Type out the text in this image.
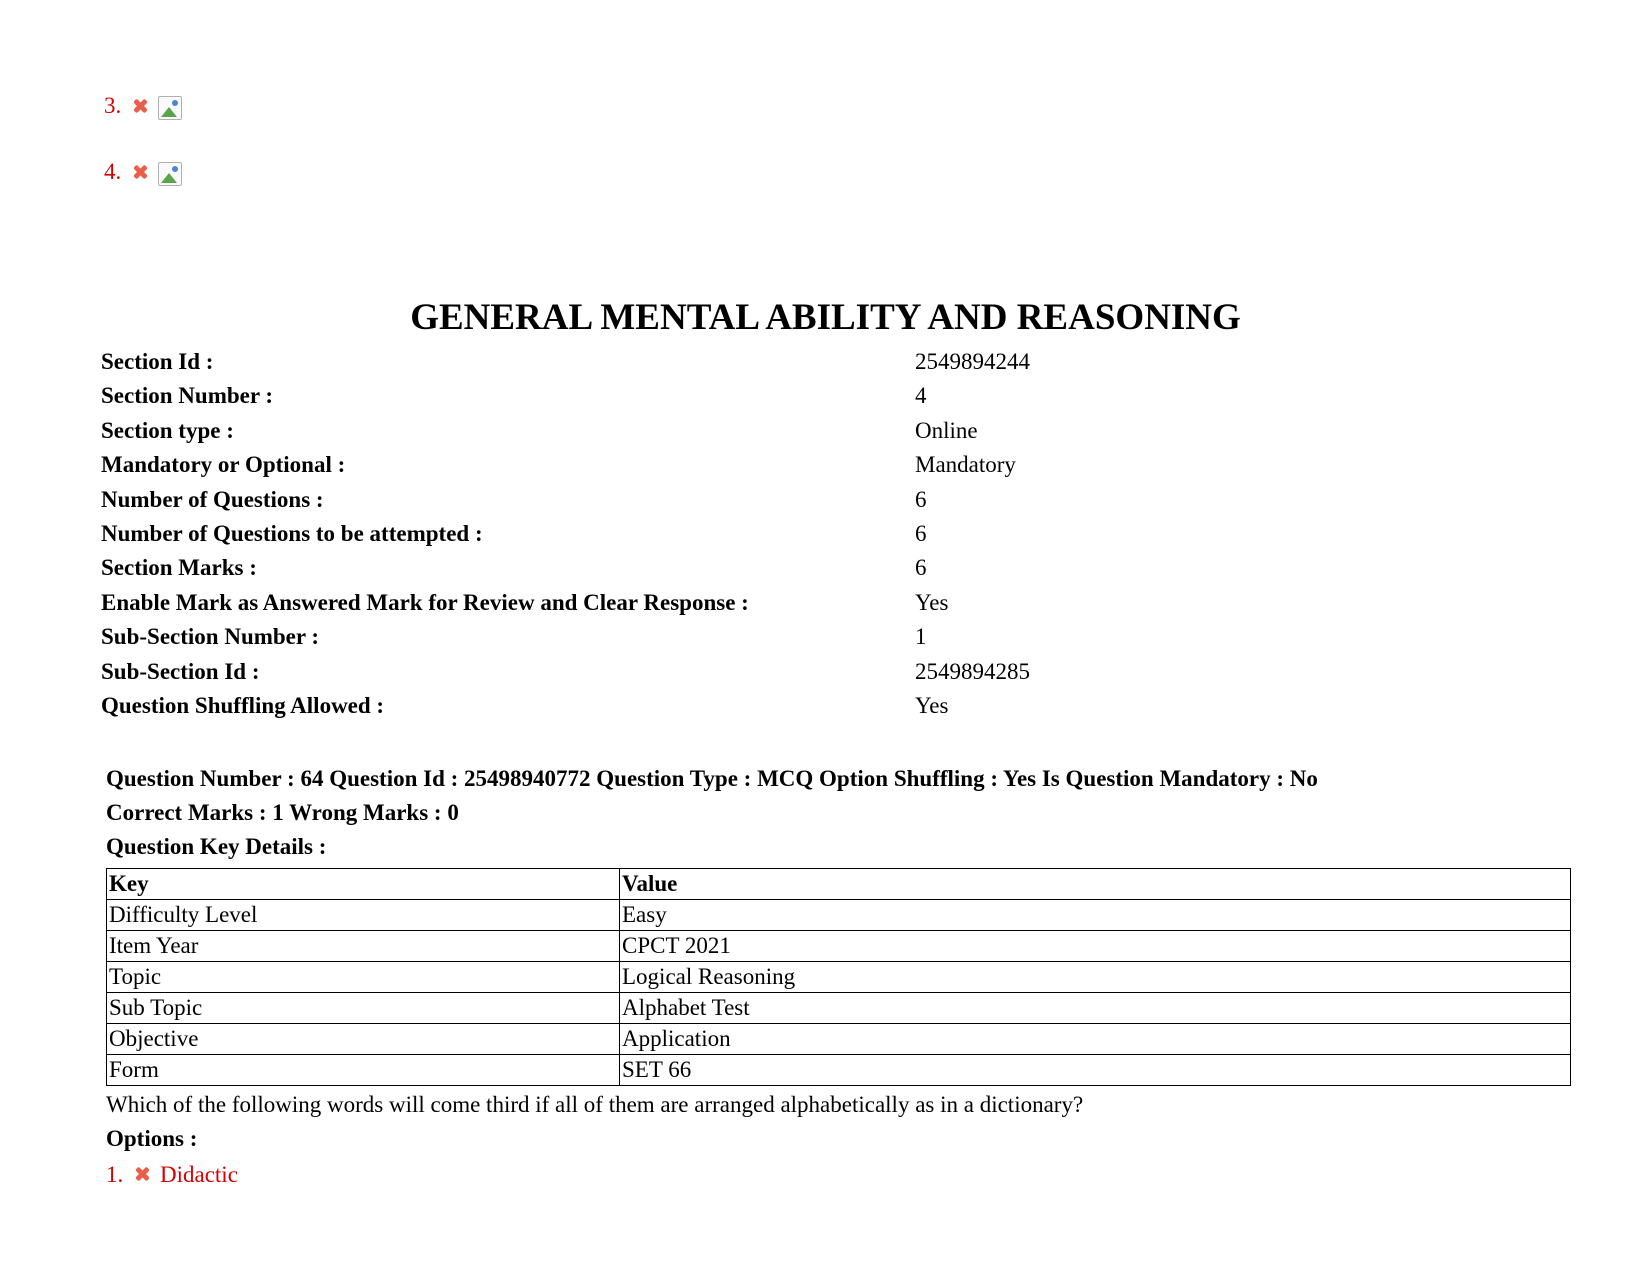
3.
4.
GENERAL MENTAL ABILITY AND REASONING
Section Id :	2549894244
Section Number :	4
Section type :	Online
Mandatory or Optional :	Mandatory
Number of Questions :	6
Number of Questions to be attempted :	6
Section Marks :	6
Enable Mark as Answered Mark for Review and Clear Response :	Yes
Sub-Section Number :	1
Sub-Section Id :	2549894285
Question Shuffling Allowed :	Yes
Question Number : 64 Question Id : 25498940772 Question Type : MCQ Option Shuffling : Yes Is Question Mandatory : No
Correct Marks : 1 Wrong Marks : 0
Question Key Details :
Key	Value
Difficulty Level	Easy
Item Year	CPCT 2021
Topic	Logical Reasoning
Sub Topic	Alphabet Test
Objective	Application
Form	SET 66
Which of the following words will come third if all of them are arranged alphabetically as in a dictionary?
Options :
1.	Didactic
